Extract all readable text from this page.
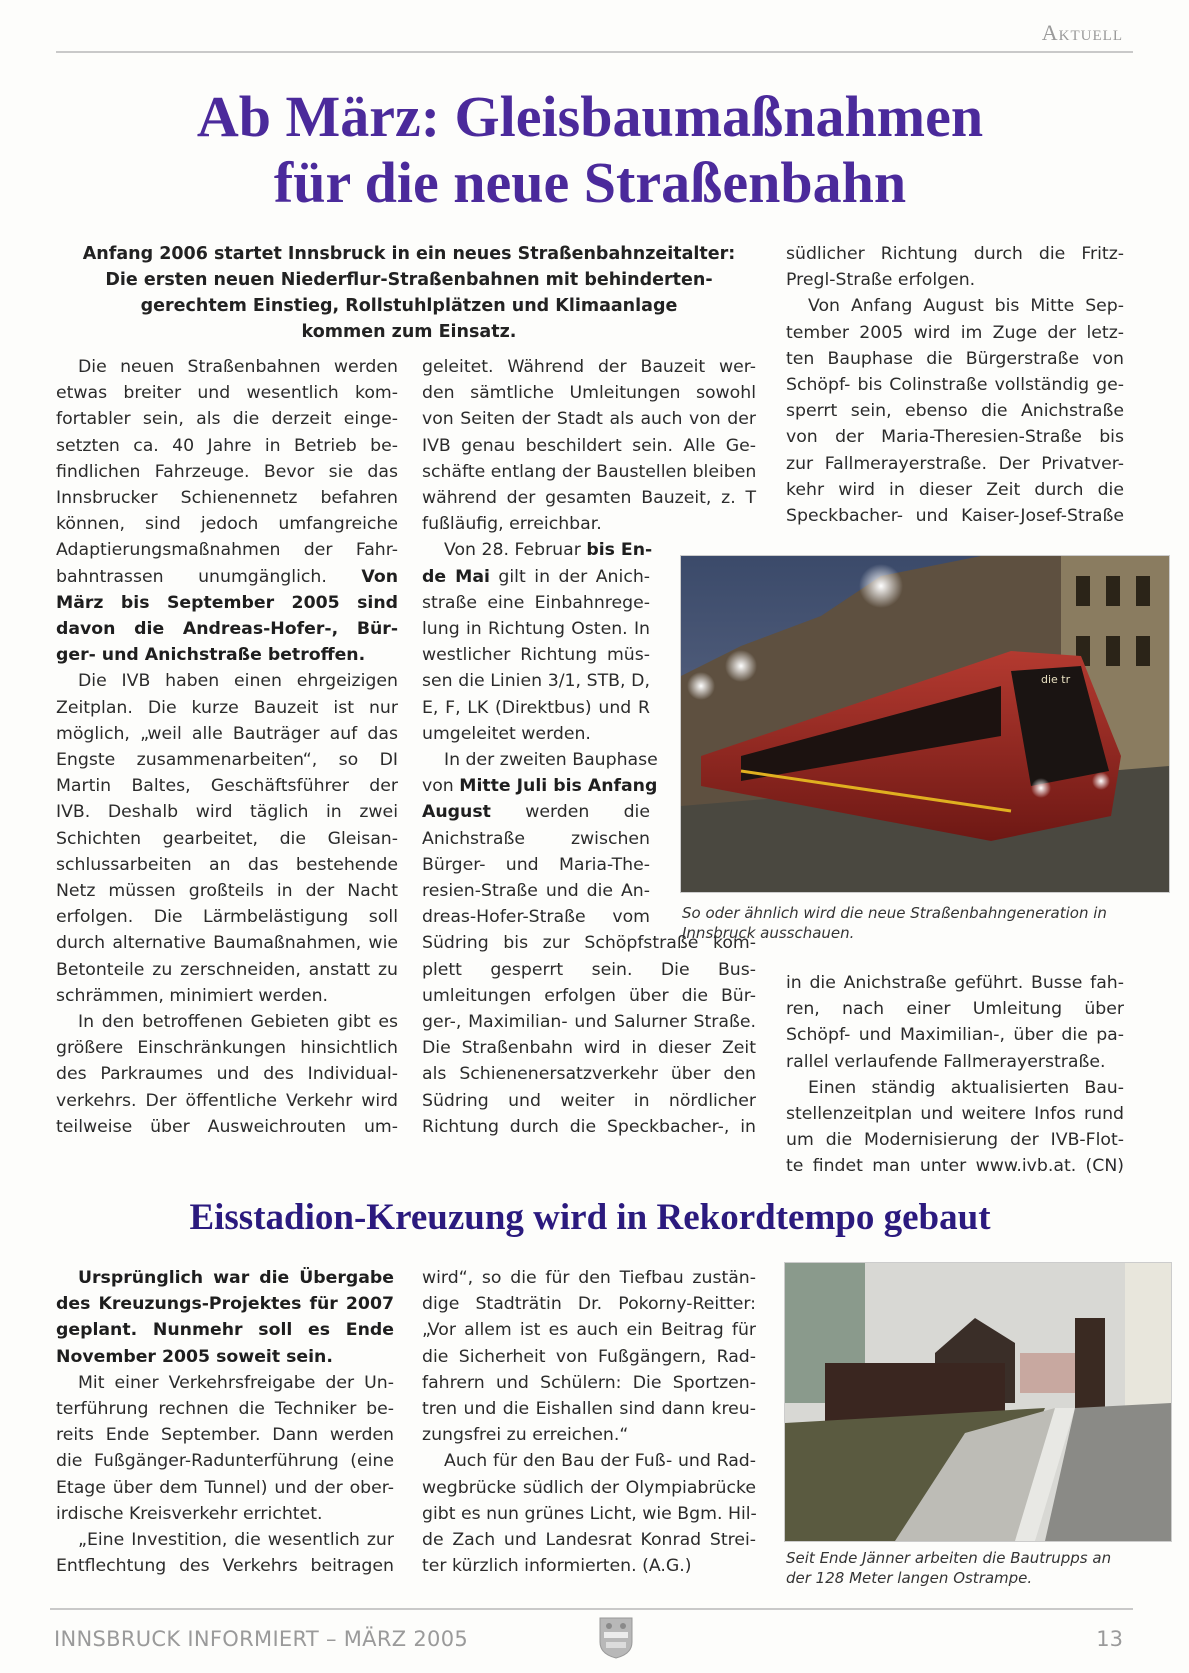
Aktuell
Ab März: Gleisbaumaßnahmen
für die neue Straßenbahn
Anfang 2006 startet Innsbruck in ein neues Straßenbahnzeitalter:
Die ersten neuen Niederflur-Straßenbahnen mit behinderten-
gerechtem Einstieg, Rollstuhlplätzen und Klimaanlage
kommen zum Einsatz.
Die neuen Straßenbahnen werden
etwas breiter und wesentlich kom-
fortabler sein, als die derzeit einge-
setzten ca. 40 Jahre in Betrieb be-
findlichen Fahrzeuge. Bevor sie das
Innsbrucker Schienennetz befahren
können, sind jedoch umfangreiche
Adaptierungsmaßnahmen der Fahr-
bahntrassen unumgänglich. Von
März bis September 2005 sind
davon die Andreas-Hofer-, Bür-
ger- und Anichstraße betroffen.
Die IVB haben einen ehrgeizigen
Zeitplan. Die kurze Bauzeit ist nur
möglich, „weil alle Bauträger auf das
Engste zusammenarbeiten“, so DI
Martin Baltes, Geschäftsführer der
IVB. Deshalb wird täglich in zwei
Schichten gearbeitet, die Gleisan-
schlussarbeiten an das bestehende
Netz müssen großteils in der Nacht
erfolgen. Die Lärmbelästigung soll
durch alternative Baumaßnahmen, wie
Betonteile zu zerschneiden, anstatt zu
schrämmen, minimiert werden.
In den betroffenen Gebieten gibt es
größere Einschränkungen hinsichtlich
des Parkraumes und des Individual-
verkehrs. Der öffentliche Verkehr wird
teilweise über Ausweichrouten um-
geleitet. Während der Bauzeit wer-
den sämtliche Umleitungen sowohl
von Seiten der Stadt als auch von der
IVB genau beschildert sein. Alle Ge-
schäfte entlang der Baustellen bleiben
während der gesamten Bauzeit, z. T
fußläufig, erreichbar.
Von 28. Februar bis En-
de Mai gilt in der Anich-
straße eine Einbahnrege-
lung in Richtung Osten. In
westlicher Richtung müs-
sen die Linien 3/1, STB, D,
E, F, LK (Direktbus) und R
umgeleitet werden.
In der zweiten Bauphase
von Mitte Juli bis Anfang
August werden die
Anichstraße zwischen
Bürger- und Maria-The-
resien-Straße und die An-
dreas-Hofer-Straße vom
Südring bis zur Schöpfstraße kom-
plett gesperrt sein. Die Bus-
umleitungen erfolgen über die Bür-
ger-, Maximilian- und Salurner Straße.
Die Straßenbahn wird in dieser Zeit
als Schienenersatzverkehr über den
Südring und weiter in nördlicher
Richtung durch die Speckbacher-, in
südlicher Richtung durch die Fritz-
Pregl-Straße erfolgen.
Von Anfang August bis Mitte Sep-
tember 2005 wird im Zuge der letz-
ten Bauphase die Bürgerstraße von
Schöpf- bis Colinstraße vollständig ge-
sperrt sein, ebenso die Anichstraße
von der Maria-Theresien-Straße bis
zur Fallmerayerstraße. Der Privatver-
kehr wird in dieser Zeit durch die
Speckbacher- und Kaiser-Josef-Straße
die tr
So oder ähnlich wird die neue Straßenbahngeneration in
Innsbruck ausschauen.
in die Anichstraße geführt. Busse fah-
ren, nach einer Umleitung über
Schöpf- und Maximilian-, über die pa-
rallel verlaufende Fallmerayerstraße.
Einen ständig aktualisierten Bau-
stellenzeitplan und weitere Infos rund
um die Modernisierung der IVB-Flot-
te findet man unter www.ivb.at. (CN)
Eisstadion-Kreuzung wird in Rekordtempo gebaut
Ursprünglich war die Übergabe
des Kreuzungs-Projektes für 2007
geplant. Nunmehr soll es Ende
November 2005 soweit sein.
Mit einer Verkehrsfreigabe der Un-
terführung rechnen die Techniker be-
reits Ende September. Dann werden
die Fußgänger-Radunterführung (eine
Etage über dem Tunnel) und der ober-
irdische Kreisverkehr errichtet.
„Eine Investition, die wesentlich zur
Entflechtung des Verkehrs beitragen
wird“, so die für den Tiefbau zustän-
dige Stadträtin Dr. Pokorny-Reitter:
„Vor allem ist es auch ein Beitrag für
die Sicherheit von Fußgängern, Rad-
fahrern und Schülern: Die Sportzen-
tren und die Eishallen sind dann kreu-
zungsfrei zu erreichen.“
Auch für den Bau der Fuß- und Rad-
wegbrücke südlich der Olympiabrücke
gibt es nun grünes Licht, wie Bgm. Hil-
de Zach und Landesrat Konrad Strei-
ter kürzlich informierten. (A.G.)	Seit Ende Jänner arbeiten die Bautrupps an
der 128 Meter langen Ostrampe.
INNSBRUCK INFORMIERT – MÄRZ 2005	13
